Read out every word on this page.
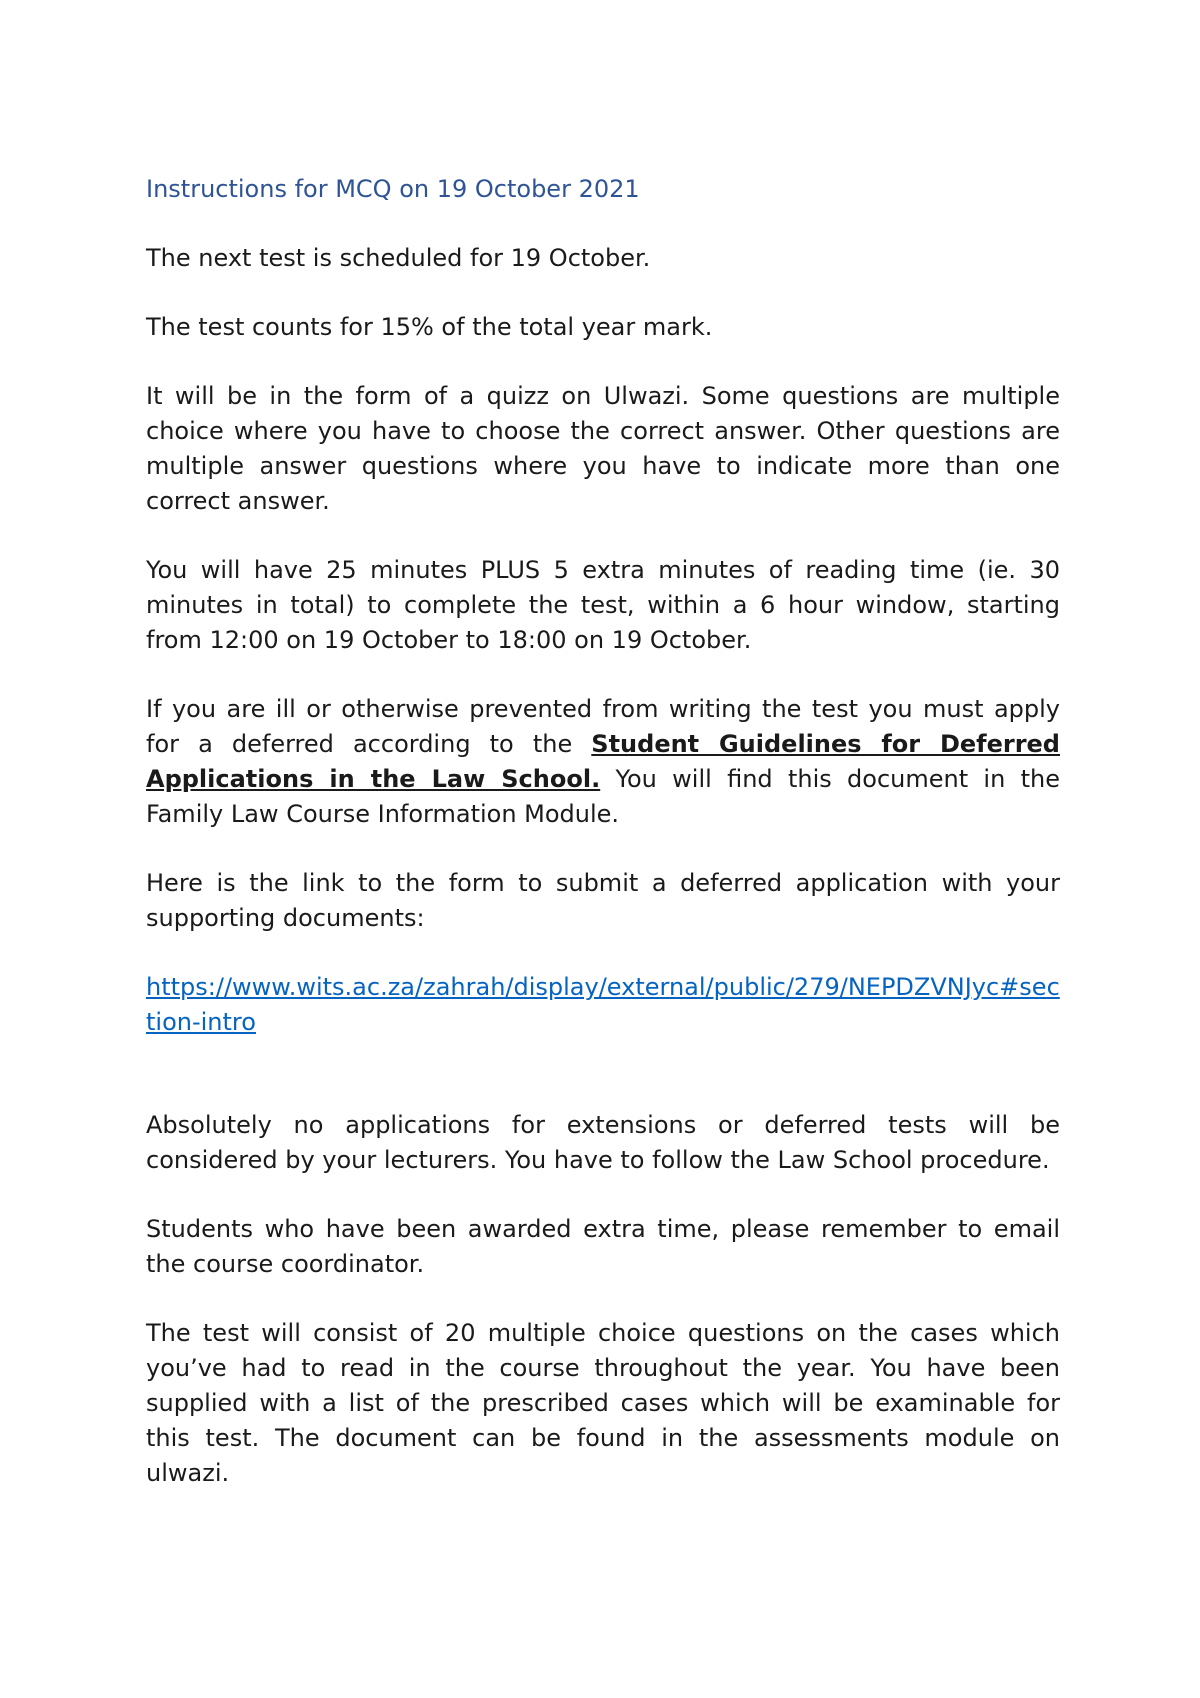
Instructions for MCQ on 19 October 2021

The next test is scheduled for 19 October.

The test counts for 15% of the total year mark.

It will be in the form of a quizz on Ulwazi. Some questions are multiple choice where you have to choose the correct answer. Other questions are multiple answer questions where you have to indicate more than one correct answer.

You will have 25 minutes PLUS 5 extra minutes of reading time (ie. 30 minutes in total) to complete the test, within a 6 hour window, starting from 12:00 on 19 October to 18:00 on 19 October.

If you are ill or otherwise prevented from writing the test you must apply for a deferred according to the Student Guidelines for Deferred Applications in the Law School. You will find this document in the Family Law Course Information Module.

Here is the link to the form to submit a deferred application with your supporting documents:

https://www.wits.ac.za/zahrah/display/external/public/279/NEPDZVNJyc#section-intro

Absolutely no applications for extensions or deferred tests will be considered by your lecturers. You have to follow the Law School procedure.

Students who have been awarded extra time, please remember to email the course coordinator.

The test will consist of 20 multiple choice questions on the cases which you’ve had to read in the course throughout the year. You have been supplied with a list of the prescribed cases which will be examinable for this test. The document can be found in the assessments module on ulwazi.
